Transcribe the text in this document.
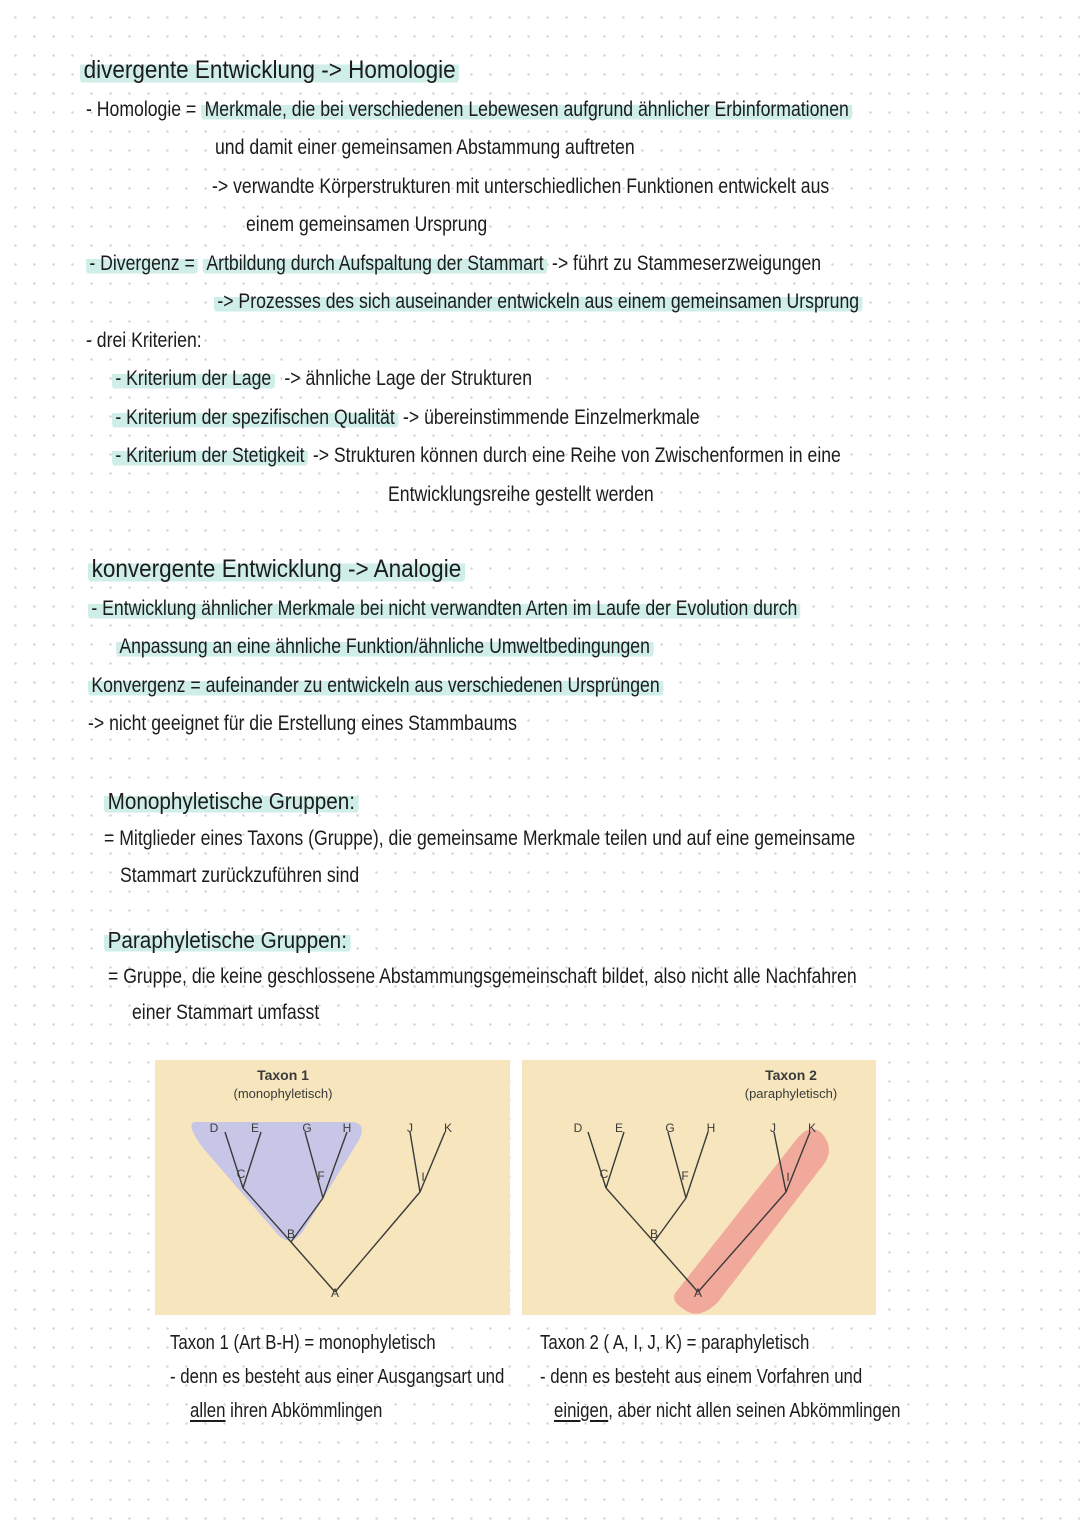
divergente Entwicklung -> Homologie
- Homologie = Merkmale, die bei verschiedenen Lebewesen aufgrund ähnlicher Erbinformationen
und damit einer gemeinsamen Abstammung auftreten
-> verwandte Körperstrukturen mit unterschiedlichen Funktionen entwickelt aus
einem gemeinsamen Ursprung
- Divergenz = Artbildung durch Aufspaltung der Stammart -> führt zu Stammeserzweigungen
-> Prozesses des sich auseinander entwickeln aus einem gemeinsamen Ursprung
- drei Kriterien:
- Kriterium der Lage -> ähnliche Lage der Strukturen
- Kriterium der spezifischen Qualität -> übereinstimmende Einzelmerkmale
- Kriterium der Stetigkeit -> Strukturen können durch eine Reihe von Zwischenformen in eine
Entwicklungsreihe gestellt werden
konvergente Entwicklung -> Analogie
- Entwicklung ähnlicher Merkmale bei nicht verwandten Arten im Laufe der Evolution durch
Anpassung an eine ähnliche Funktion/ähnliche Umweltbedingungen
Konvergenz = aufeinander zu entwickeln aus verschiedenen Ursprüngen
-> nicht geeignet für die Erstellung eines Stammbaums
Monophyletische Gruppen:
= Mitglieder eines Taxons (Gruppe), die gemeinsame Merkmale teilen und auf eine gemeinsame
Stammart zurückzuführen sind
Paraphyletische Gruppen:
= Gruppe, die keine geschlossene Abstammungsgemeinschaft bildet, also nicht alle Nachfahren
einer Stammart umfasst
Taxon 1
(monophyletisch)
D	E	G	H	J	K
C	F	I
B
A
Taxon 2
(paraphyletisch)
D	E	G	H	J	K
C	F	I
B
A
Taxon 1 (Art B-H) = monophyletisch
- denn es besteht aus einer Ausgangsart und
allen ihren Abkömmlingen
Taxon 2 ( A, I, J, K) = paraphyletisch
- denn es besteht aus einem Vorfahren und
einigen, aber nicht allen seinen Abkömmlingen
